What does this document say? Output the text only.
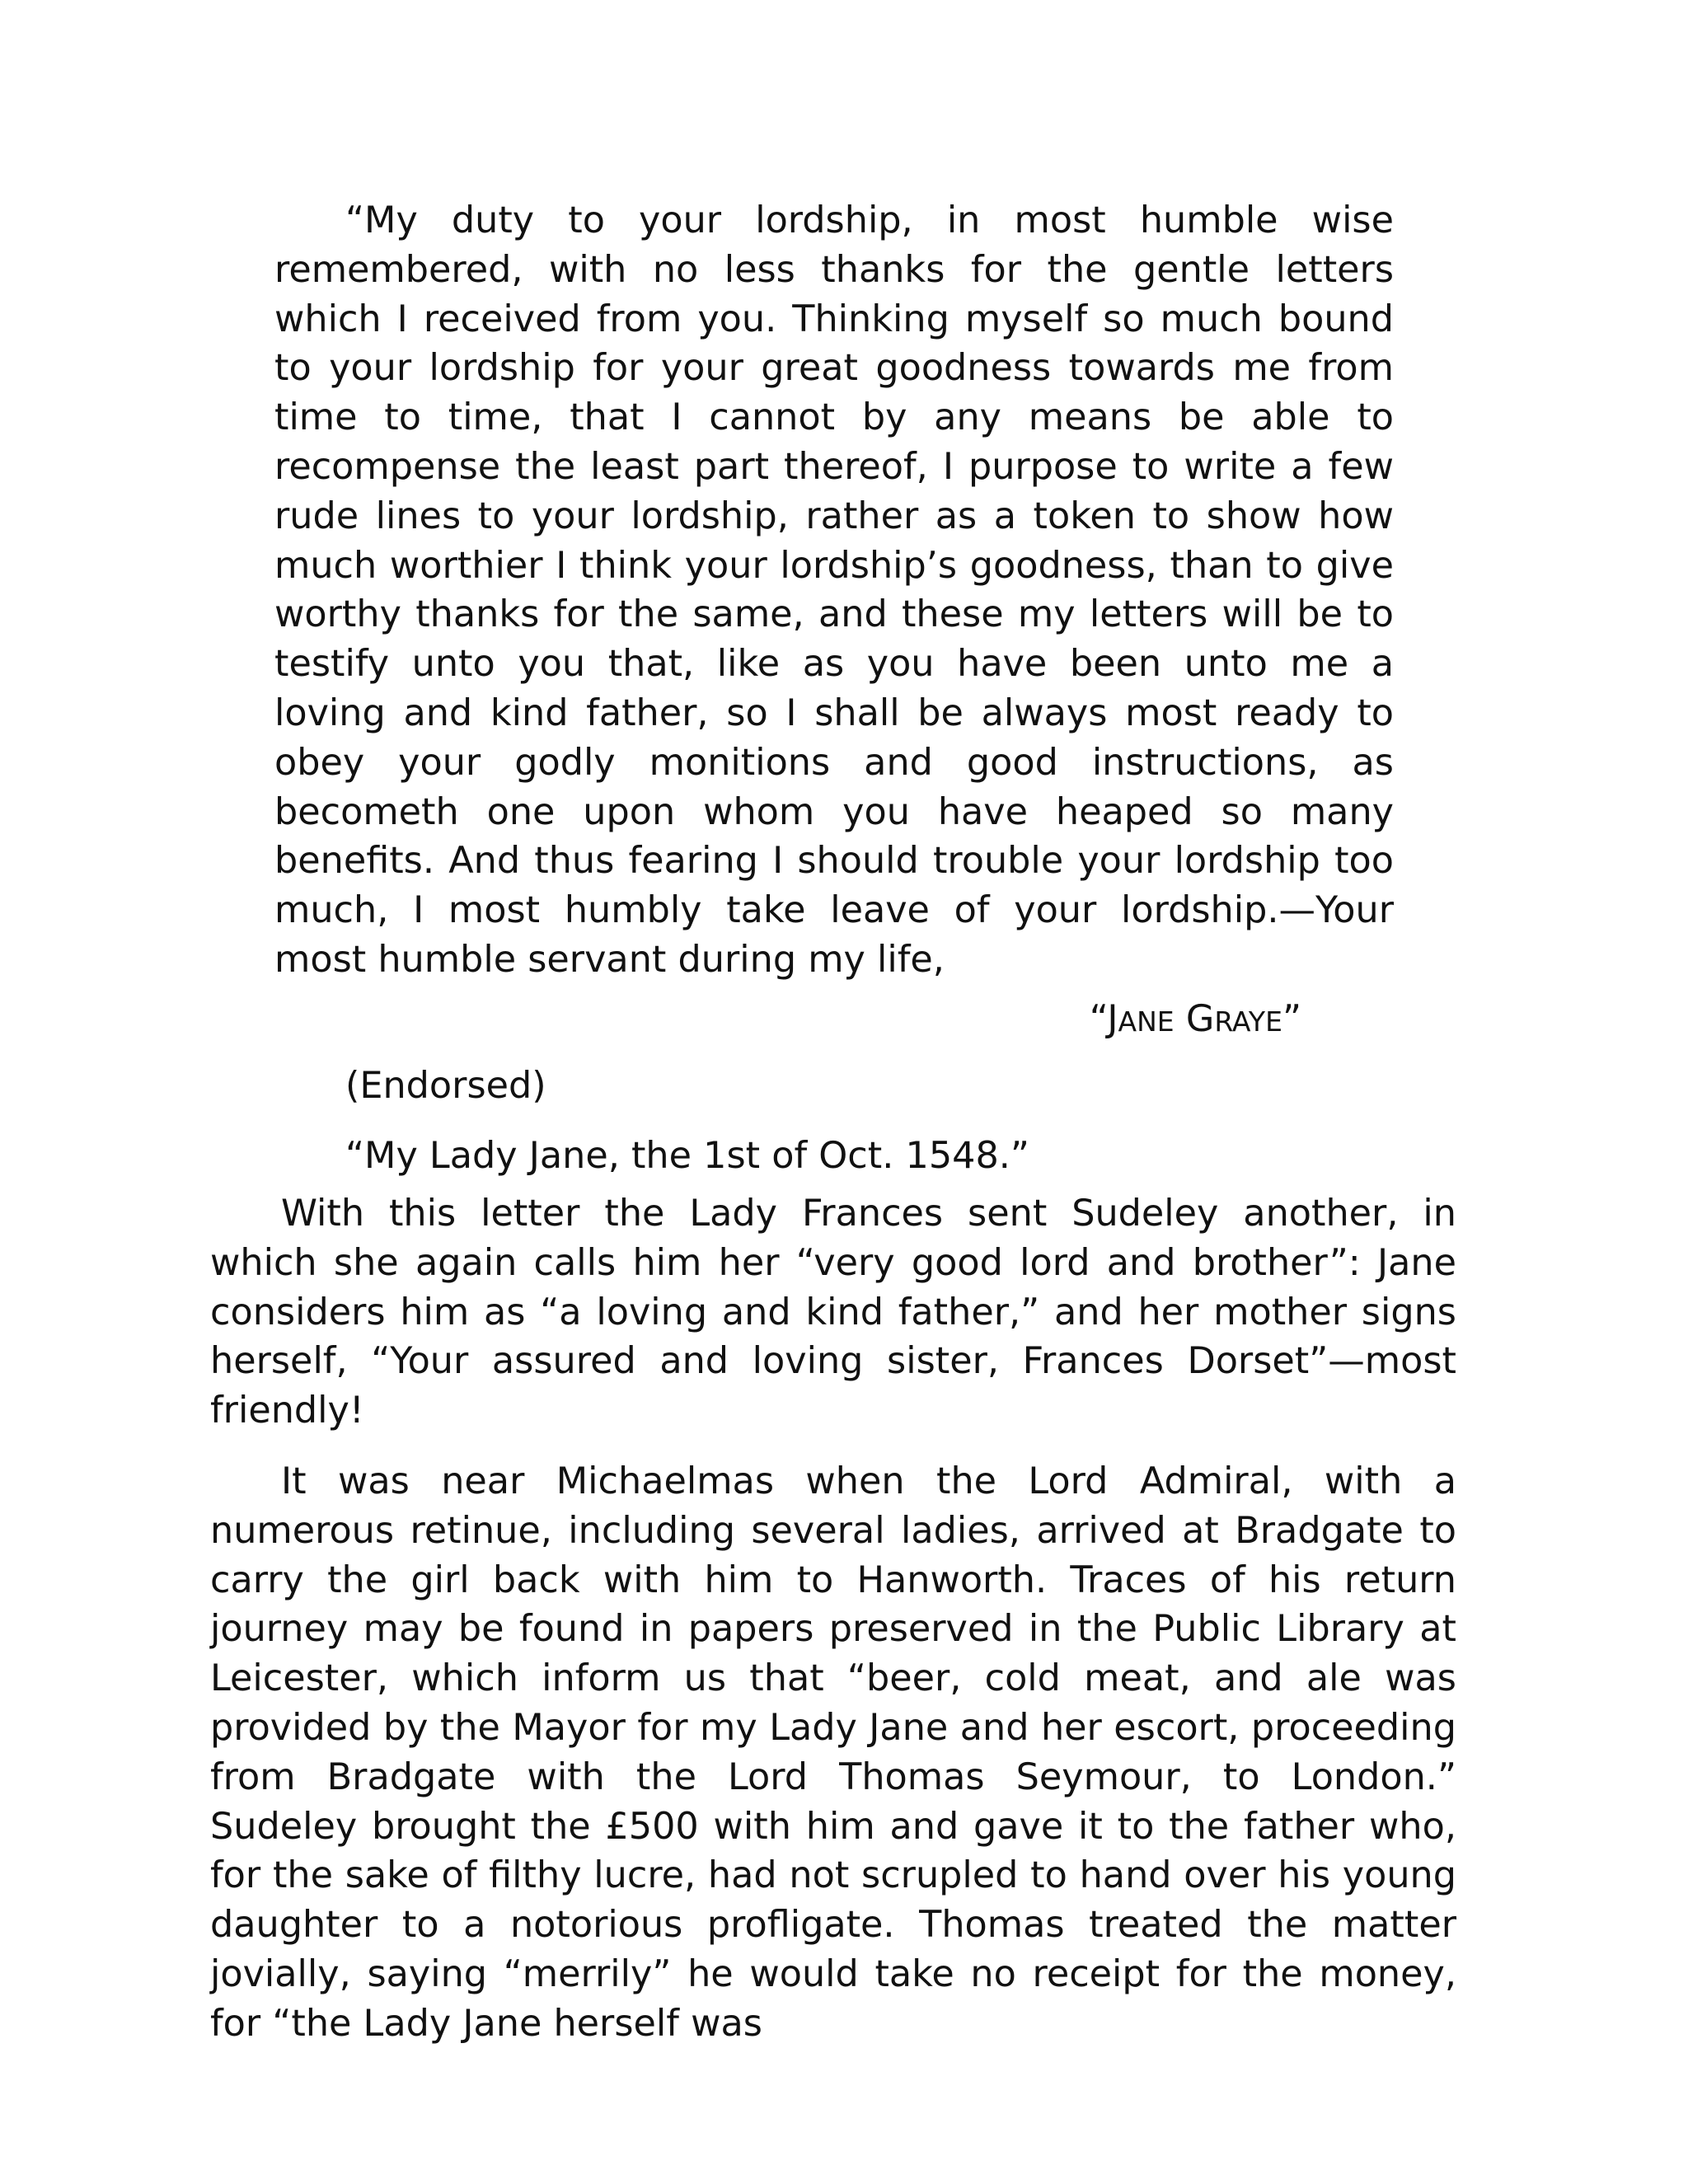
“My duty to your lordship, in most humble wise remembered, with no less thanks for the gentle letters which I received from you. Thinking myself so much bound to your lordship for your great goodness towards me from time to time, that I cannot by any means be able to recompense the least part thereof, I purpose to write a few rude lines to your lordship, rather as a token to show how much worthier I think your lordship’s goodness, than to give worthy thanks for the same, and these my letters will be to testify unto you that, like as you have been unto me a loving and kind father, so I shall be always most ready to obey your godly monitions and good instructions, as becometh one upon whom you have heaped so many benefits. And thus fearing I should trouble your lordship too much, I most humbly take leave of your lordship.—Your most humble servant during my life,

“JANE GRAYE”

(Endorsed)

“My Lady Jane, the 1st of Oct. 1548.”

With this letter the Lady Frances sent Sudeley another, in which she again calls him her “very good lord and brother”: Jane considers him as “a loving and kind father,” and her mother signs herself, “Your assured and loving sister, Frances Dorset”—most friendly!

It was near Michaelmas when the Lord Admiral, with a numerous retinue, including several ladies, arrived at Bradgate to carry the girl back with him to Hanworth. Traces of his return journey may be found in papers preserved in the Public Library at Leicester, which inform us that “beer, cold meat, and ale was provided by the Mayor for my Lady Jane and her escort, proceeding from Bradgate with the Lord Thomas Seymour, to London.” Sudeley brought the £500 with him and gave it to the father who, for the sake of filthy lucre, had not scrupled to hand over his young daughter to a notorious profligate. Thomas treated the matter jovially, saying “merrily” he would take no receipt for the money, for “the Lady Jane herself was
